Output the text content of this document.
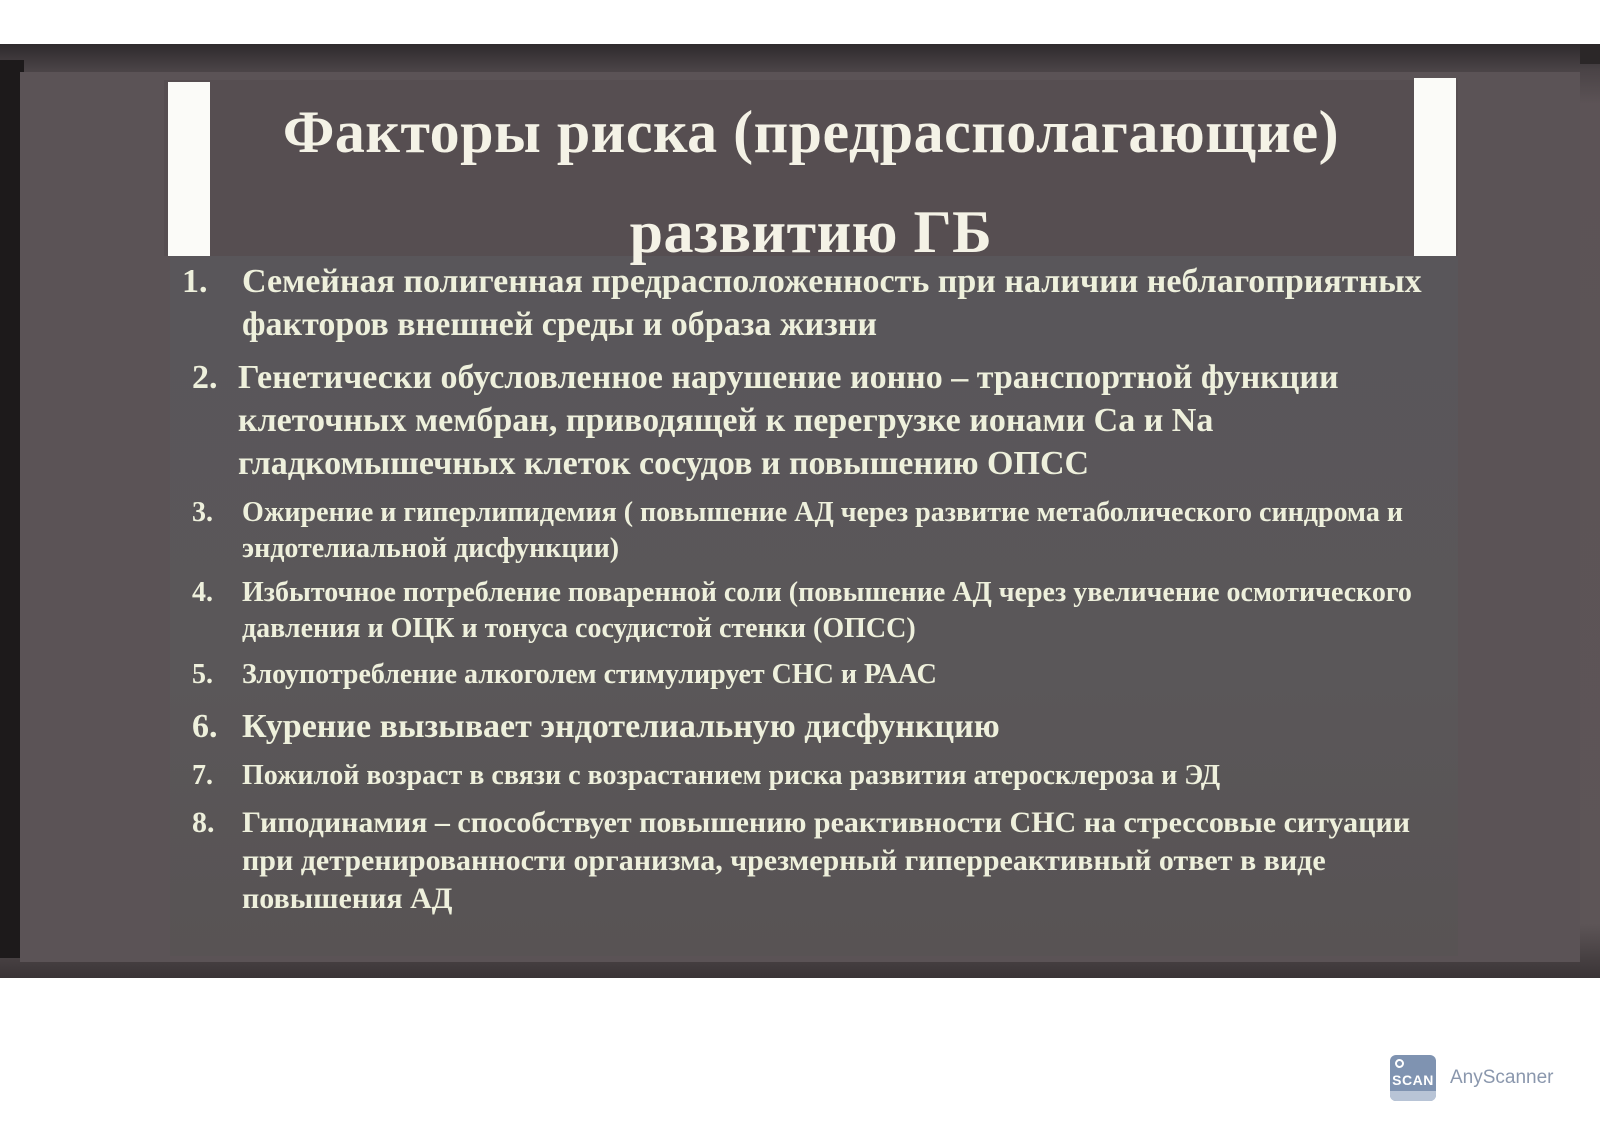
Факторы риска (предрасполагающие) развитию ГБ
1. Семейная полигенная предрасположенность при наличии неблагоприятных факторов внешней среды и образа жизни
2. Генетически обусловленное нарушение ионно – транспортной функции клеточных мембран, приводящей к перегрузке ионами Са и Na гладкомышечных клеток сосудов и повышению ОПСС
3. Ожирение и гиперлипидемия ( повышение АД через развитие метаболического синдрома и эндотелиальной дисфункции)
4. Избыточное потребление поваренной соли (повышение АД через увеличение осмотического давления и ОЦК и тонуса сосудистой стенки (ОПСС)
5. Злоупотребление алкоголем стимулирует СНС и РААС
6. Курение вызывает эндотелиальную дисфункцию
7. Пожилой возраст в связи с возрастанием риска развития атеросклероза и ЭД
8. Гиподинамия – способствует повышению реактивности СНС на стрессовые ситуации при детренированности организма, чрезмерный гиперреактивный ответ в виде повышения АД
SCAN AnyScanner
